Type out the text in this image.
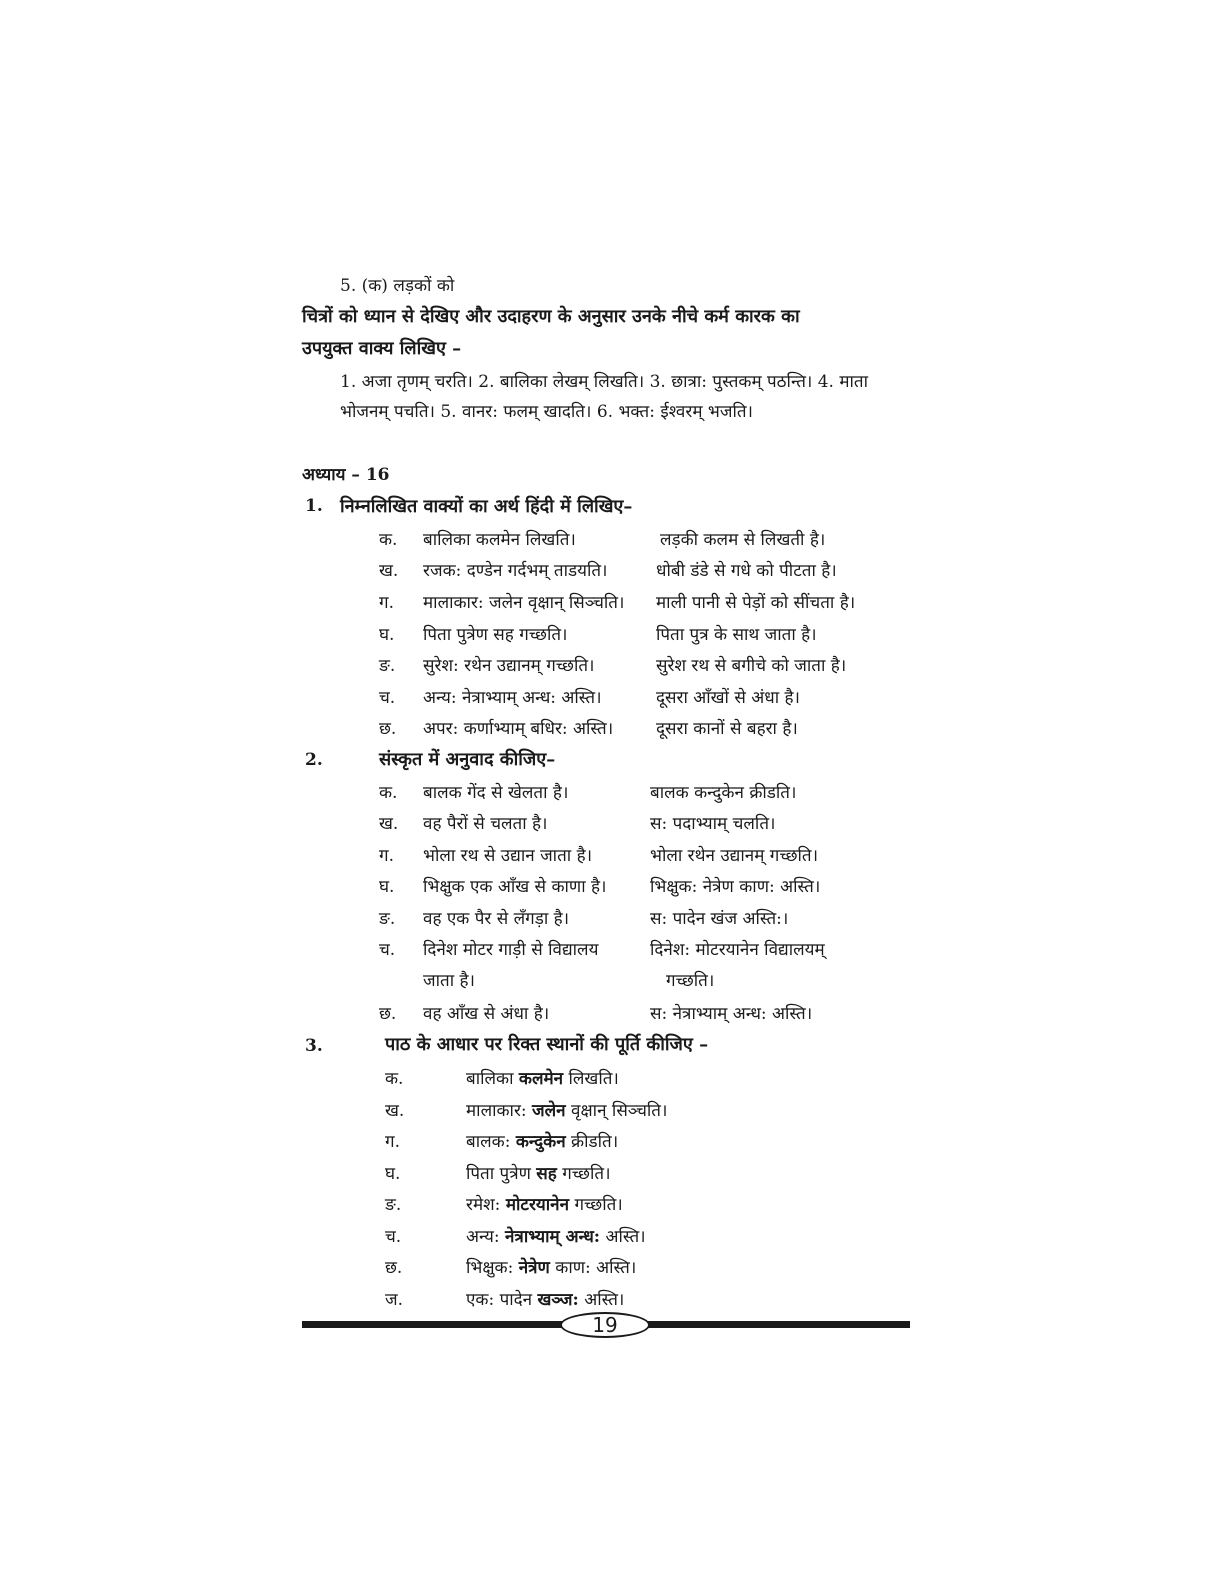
5. (क) लड़कों को
चित्रों को ध्यान से देखिए और उदाहरण के अनुसार उनके नीचे कर्म कारक का
उपयुक्त वाक्य लिखिए –
1. अजा तृणम् चरति। 2. बालिका लेखम् लिखति। 3. छात्रा: पुस्तकम् पठन्ति। 4. माता
भोजनम् पचति। 5. वानर: फलम् खादति। 6. भक्त: ईश्वरम् भजति।
अध्याय – 16
1. निम्नलिखित वाक्यों का अर्थ हिंदी में लिखिए–
क. बालिका कलमेन लिखति।	लड़की कलम से लिखती है।
ख. रजक: दण्डेन गर्दभम् ताडयति।	धोबी डंडे से गधे को पीटता है।
ग. मालाकार: जलेन वृक्षान् सिञ्चति। माली पानी से पेड़ों को सींचता है।
घ. पिता पुत्रेण सह गच्छति।	पिता पुत्र के साथ जाता है।
ङ. सुरेश: रथेन उद्यानम् गच्छति।	सुरेश रथ से बगीचे को जाता है।
च. अन्य: नेत्राभ्याम् अन्ध: अस्ति।	दूसरा आँखों से अंधा है।
छ. अपर: कर्णाभ्याम् बधिर: अस्ति।	दूसरा कानों से बहरा है।
2.	संस्कृत में अनुवाद कीजिए–
क. बालक गेंद से खेलता है।	बालक कन्दुकेन क्रीडति।
ख. वह पैरों से चलता है।	स: पदाभ्याम् चलति।
ग. भोला रथ से उद्यान जाता है।	भोला रथेन उद्यानम् गच्छति।
घ. भिक्षुक एक आँख से काणा है।	भिक्षुक: नेत्रेण काण: अस्ति।
ङ. वह एक पैर से लँगड़ा है।	स: पादेन खंज अस्ति:।
च. दिनेश मोटर गाड़ी से विद्यालय	दिनेश: मोटरयानेन विद्यालयम्
जाता है।	गच्छति।
छ. वह आँख से अंधा है।	स: नेत्राभ्याम् अन्ध: अस्ति।
3.	पाठ के आधार पर रिक्त स्थानों की पूर्ति कीजिए –
क.	बालिका कलमेन लिखति।
ख.	मालाकार: जलेन वृक्षान् सिञ्चति।
ग.	बालक: कन्दुकेन क्रीडति।
घ.	पिता पुत्रेण सह गच्छति।
ङ.	रमेश: मोटरयानेन गच्छति।
च.	अन्य: नेत्राभ्याम् अन्ध: अस्ति।
छ.	भिक्षुक: नेत्रेण काण: अस्ति।
ज.	एक: पादेन खञ्ज: अस्ति।
19
